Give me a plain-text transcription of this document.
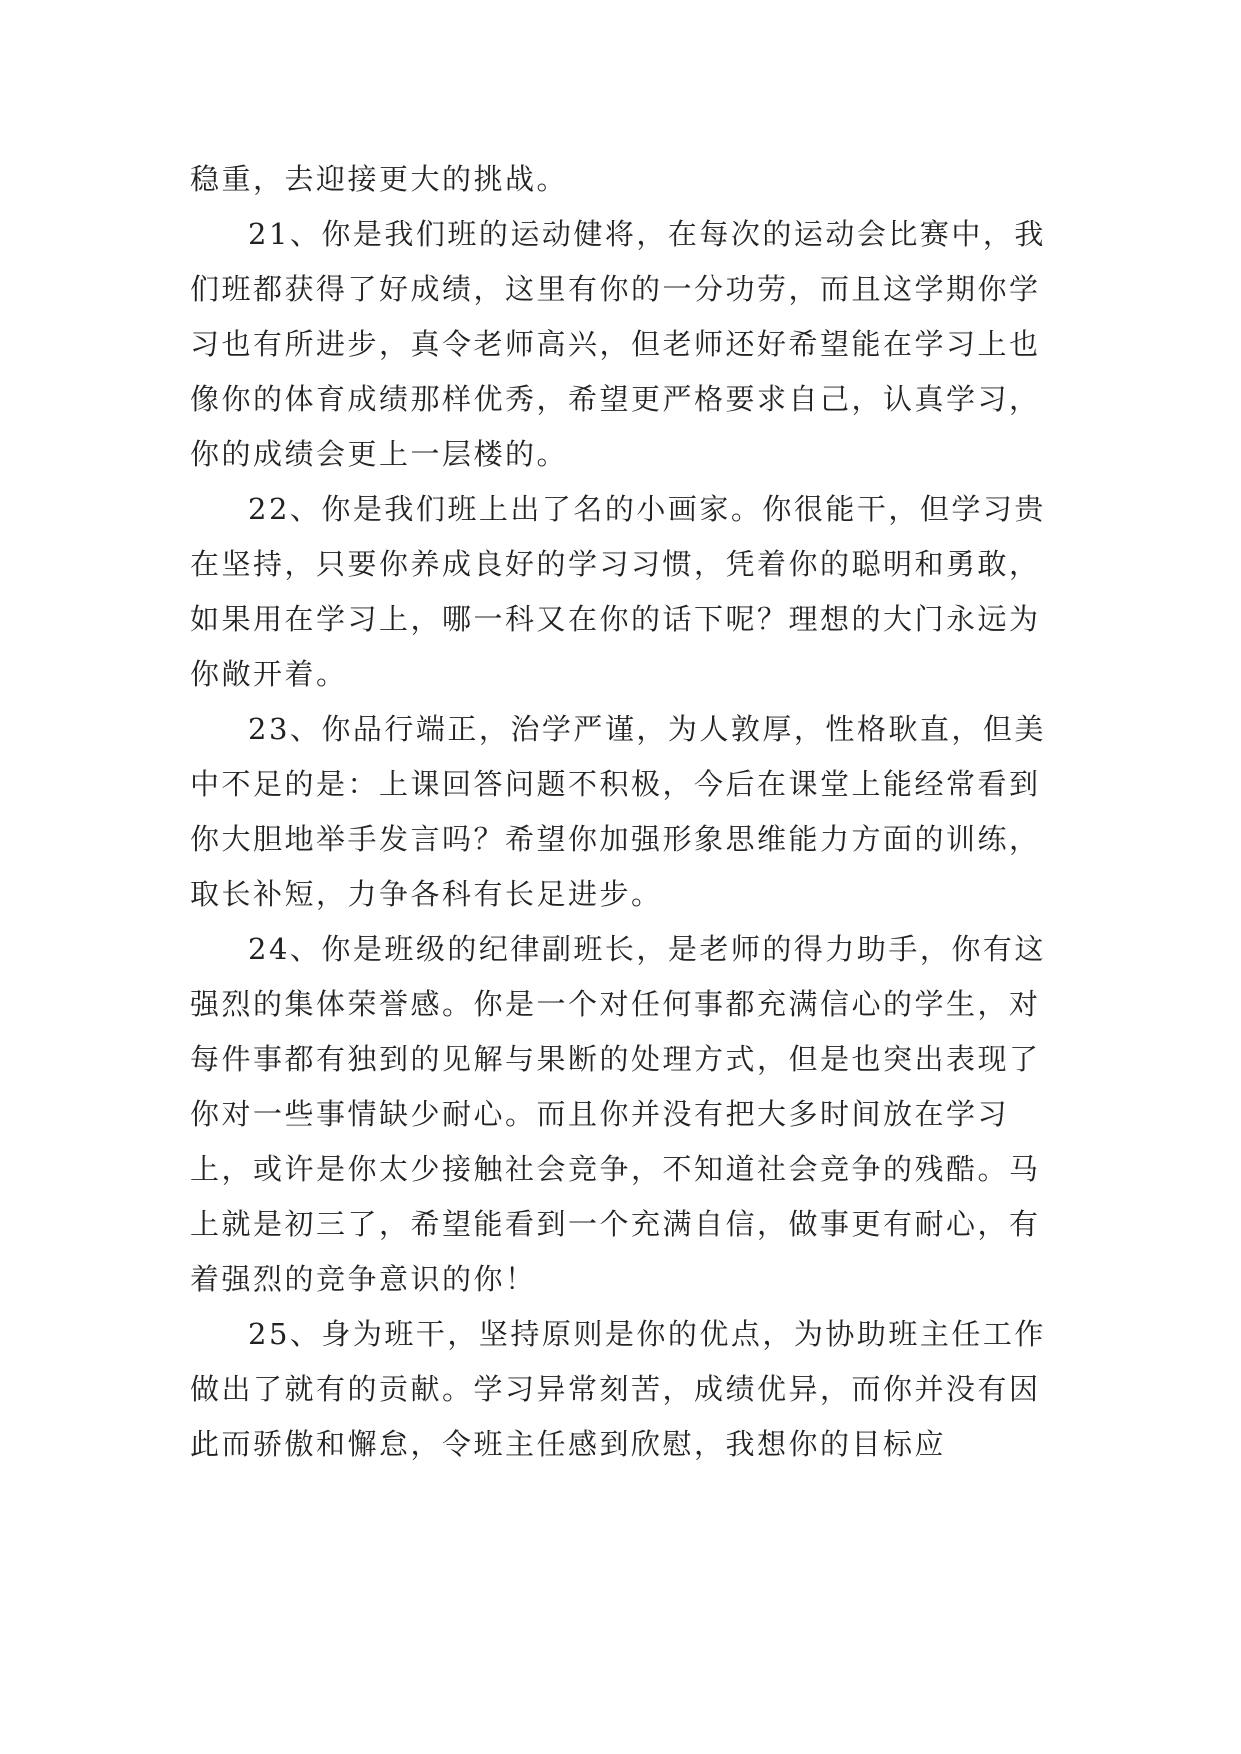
稳重，去迎接更大的挑战。

21、你是我们班的运动健将，在每次的运动会比赛中，我们班都获得了好成绩，这里有你的一分功劳，而且这学期你学习也有所进步，真令老师高兴，但老师还好希望能在学习上也像你的体育成绩那样优秀，希望更严格要求自己，认真学习，你的成绩会更上一层楼的。

22、你是我们班上出了名的小画家。你很能干，但学习贵在坚持，只要你养成良好的学习习惯，凭着你的聪明和勇敢，如果用在学习上，哪一科又在你的话下呢？理想的大门永远为你敞开着。

23、你品行端正，治学严谨，为人敦厚，性格耿直，但美中不足的是：上课回答问题不积极，今后在课堂上能经常看到你大胆地举手发言吗？希望你加强形象思维能力方面的训练，取长补短，力争各科有长足进步。

24、你是班级的纪律副班长，是老师的得力助手，你有这强烈的集体荣誉感。你是一个对任何事都充满信心的学生，对每件事都有独到的见解与果断的处理方式，但是也突出表现了你对一些事情缺少耐心。而且你并没有把大多时间放在学习上，或许是你太少接触社会竞争，不知道社会竞争的残酷。马上就是初三了，希望能看到一个充满自信，做事更有耐心，有着强烈的竞争意识的你！

25、身为班干，坚持原则是你的优点，为协助班主任工作做出了就有的贡献。学习异常刻苦，成绩优异，而你并没有因此而骄傲和懈怠，令班主任感到欣慰，我想你的目标应
